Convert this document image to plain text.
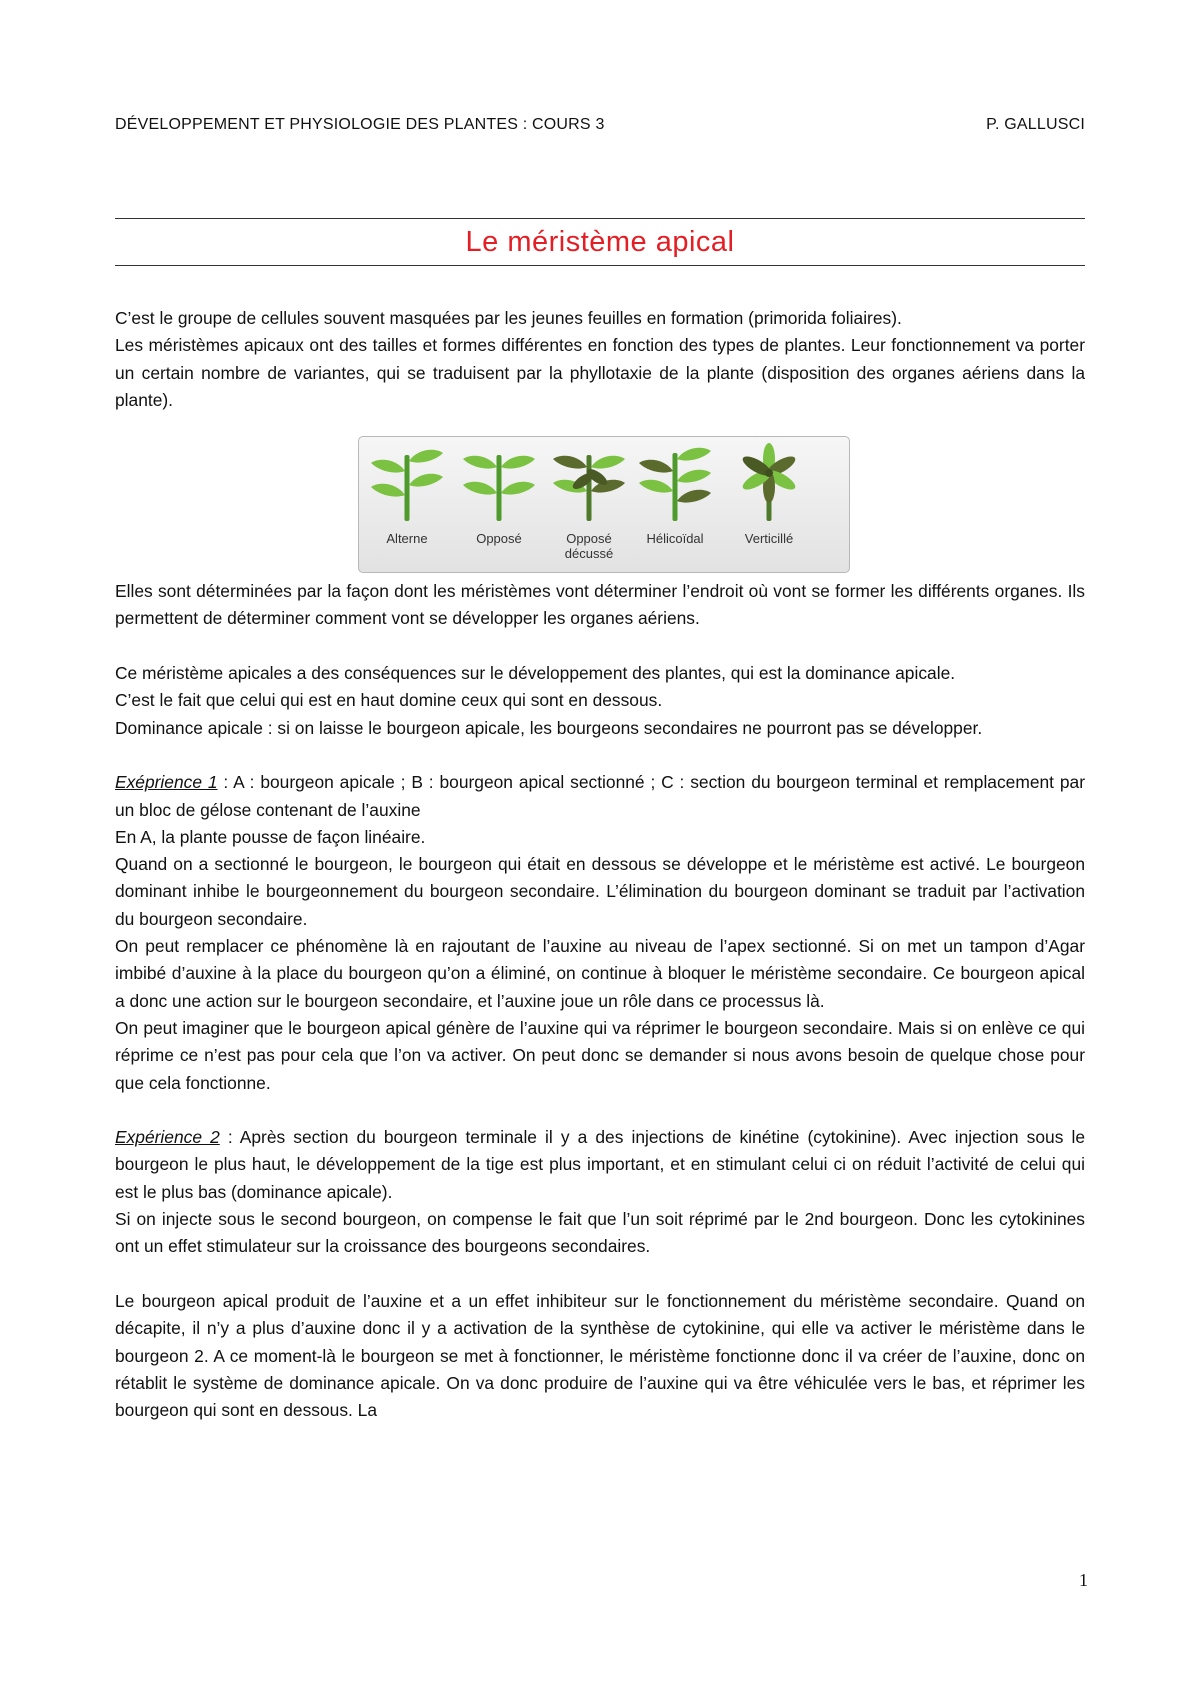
DÉVELOPPEMENT ET PHYSIOLOGIE DES PLANTES : COURS 3	P. GALLUSCI
Le méristème apical

C’est le groupe de cellules souvent masquées par les jeunes feuilles en formation (primorida foliaires).

Les méristèmes apicaux ont des tailles et formes différentes en fonction des types de plantes. Leur fonctionnement va porter un certain nombre de variantes, qui se traduisent par la phyllotaxie de la plante (disposition des organes aériens dans la plante).

Elles sont déterminées par la façon dont les méristèmes vont déterminer l’endroit où vont se former les différents organes. Ils permettent de déterminer comment vont se développer les organes aériens.

Ce méristème apicales a des conséquences sur le développement des plantes, qui est la dominance apicale.

C’est le fait que celui qui est en haut domine ceux qui sont en dessous.

Dominance apicale : si on laisse le bourgeon apicale, les bourgeons secondaires ne pourront pas se développer.

Exéprience 1 : A : bourgeon apicale ; B : bourgeon apical sectionné ; C : section du bourgeon terminal et remplacement par un bloc de gélose contenant de l’auxine

En A, la plante pousse de façon linéaire.

Quand on a sectionné le bourgeon, le bourgeon qui était en dessous se développe et le méristème est activé. Le bourgeon dominant inhibe le bourgeonnement du bourgeon secondaire. L’élimination du bourgeon dominant se traduit par l’activation du bourgeon secondaire.

On peut remplacer ce phénomène là en rajoutant de l’auxine au niveau de l’apex sectionné. Si on met un tampon d’Agar imbibé d’auxine à la place du bourgeon qu’on a éliminé, on continue à bloquer le méristème secondaire. Ce bourgeon apical a donc une action sur le bourgeon secondaire, et l’auxine joue un rôle dans ce processus là.

On peut imaginer que le bourgeon apical génère de l’auxine qui va réprimer le bourgeon secondaire. Mais si on enlève ce qui réprime ce n’est pas pour cela que l’on va activer. On peut donc se demander si nous avons besoin de quelque chose pour que cela fonctionne.

Expérience 2 : Après section du bourgeon terminale il y a des injections de kinétine (cytokinine). Avec injection sous le bourgeon le plus haut, le développement de la tige est plus important, et en stimulant celui ci on réduit l’activité de celui qui est le plus bas (dominance apicale).

Si on injecte sous le second bourgeon, on compense le fait que l’un soit réprimé par le 2nd bourgeon. Donc les cytokinines ont un effet stimulateur sur la croissance des bourgeons secondaires.

Le bourgeon apical produit de l’auxine et a un effet inhibiteur sur le fonctionnement du méristème secondaire. Quand on décapite, il n’y a plus d’auxine donc il y a activation de la synthèse de cytokinine, qui elle va activer le méristème dans le bourgeon 2. A ce moment-là le bourgeon se met à fonctionner, le méristème fonctionne donc il va créer de l’auxine, donc on rétablit le système de dominance apicale. On va donc produire de l’auxine qui va être véhiculée vers le bas, et réprimer les bourgeon qui sont en dessous. La

Alterne	Opposé	Opposé
décussé
Hélicoïdal	Verticillé
1
